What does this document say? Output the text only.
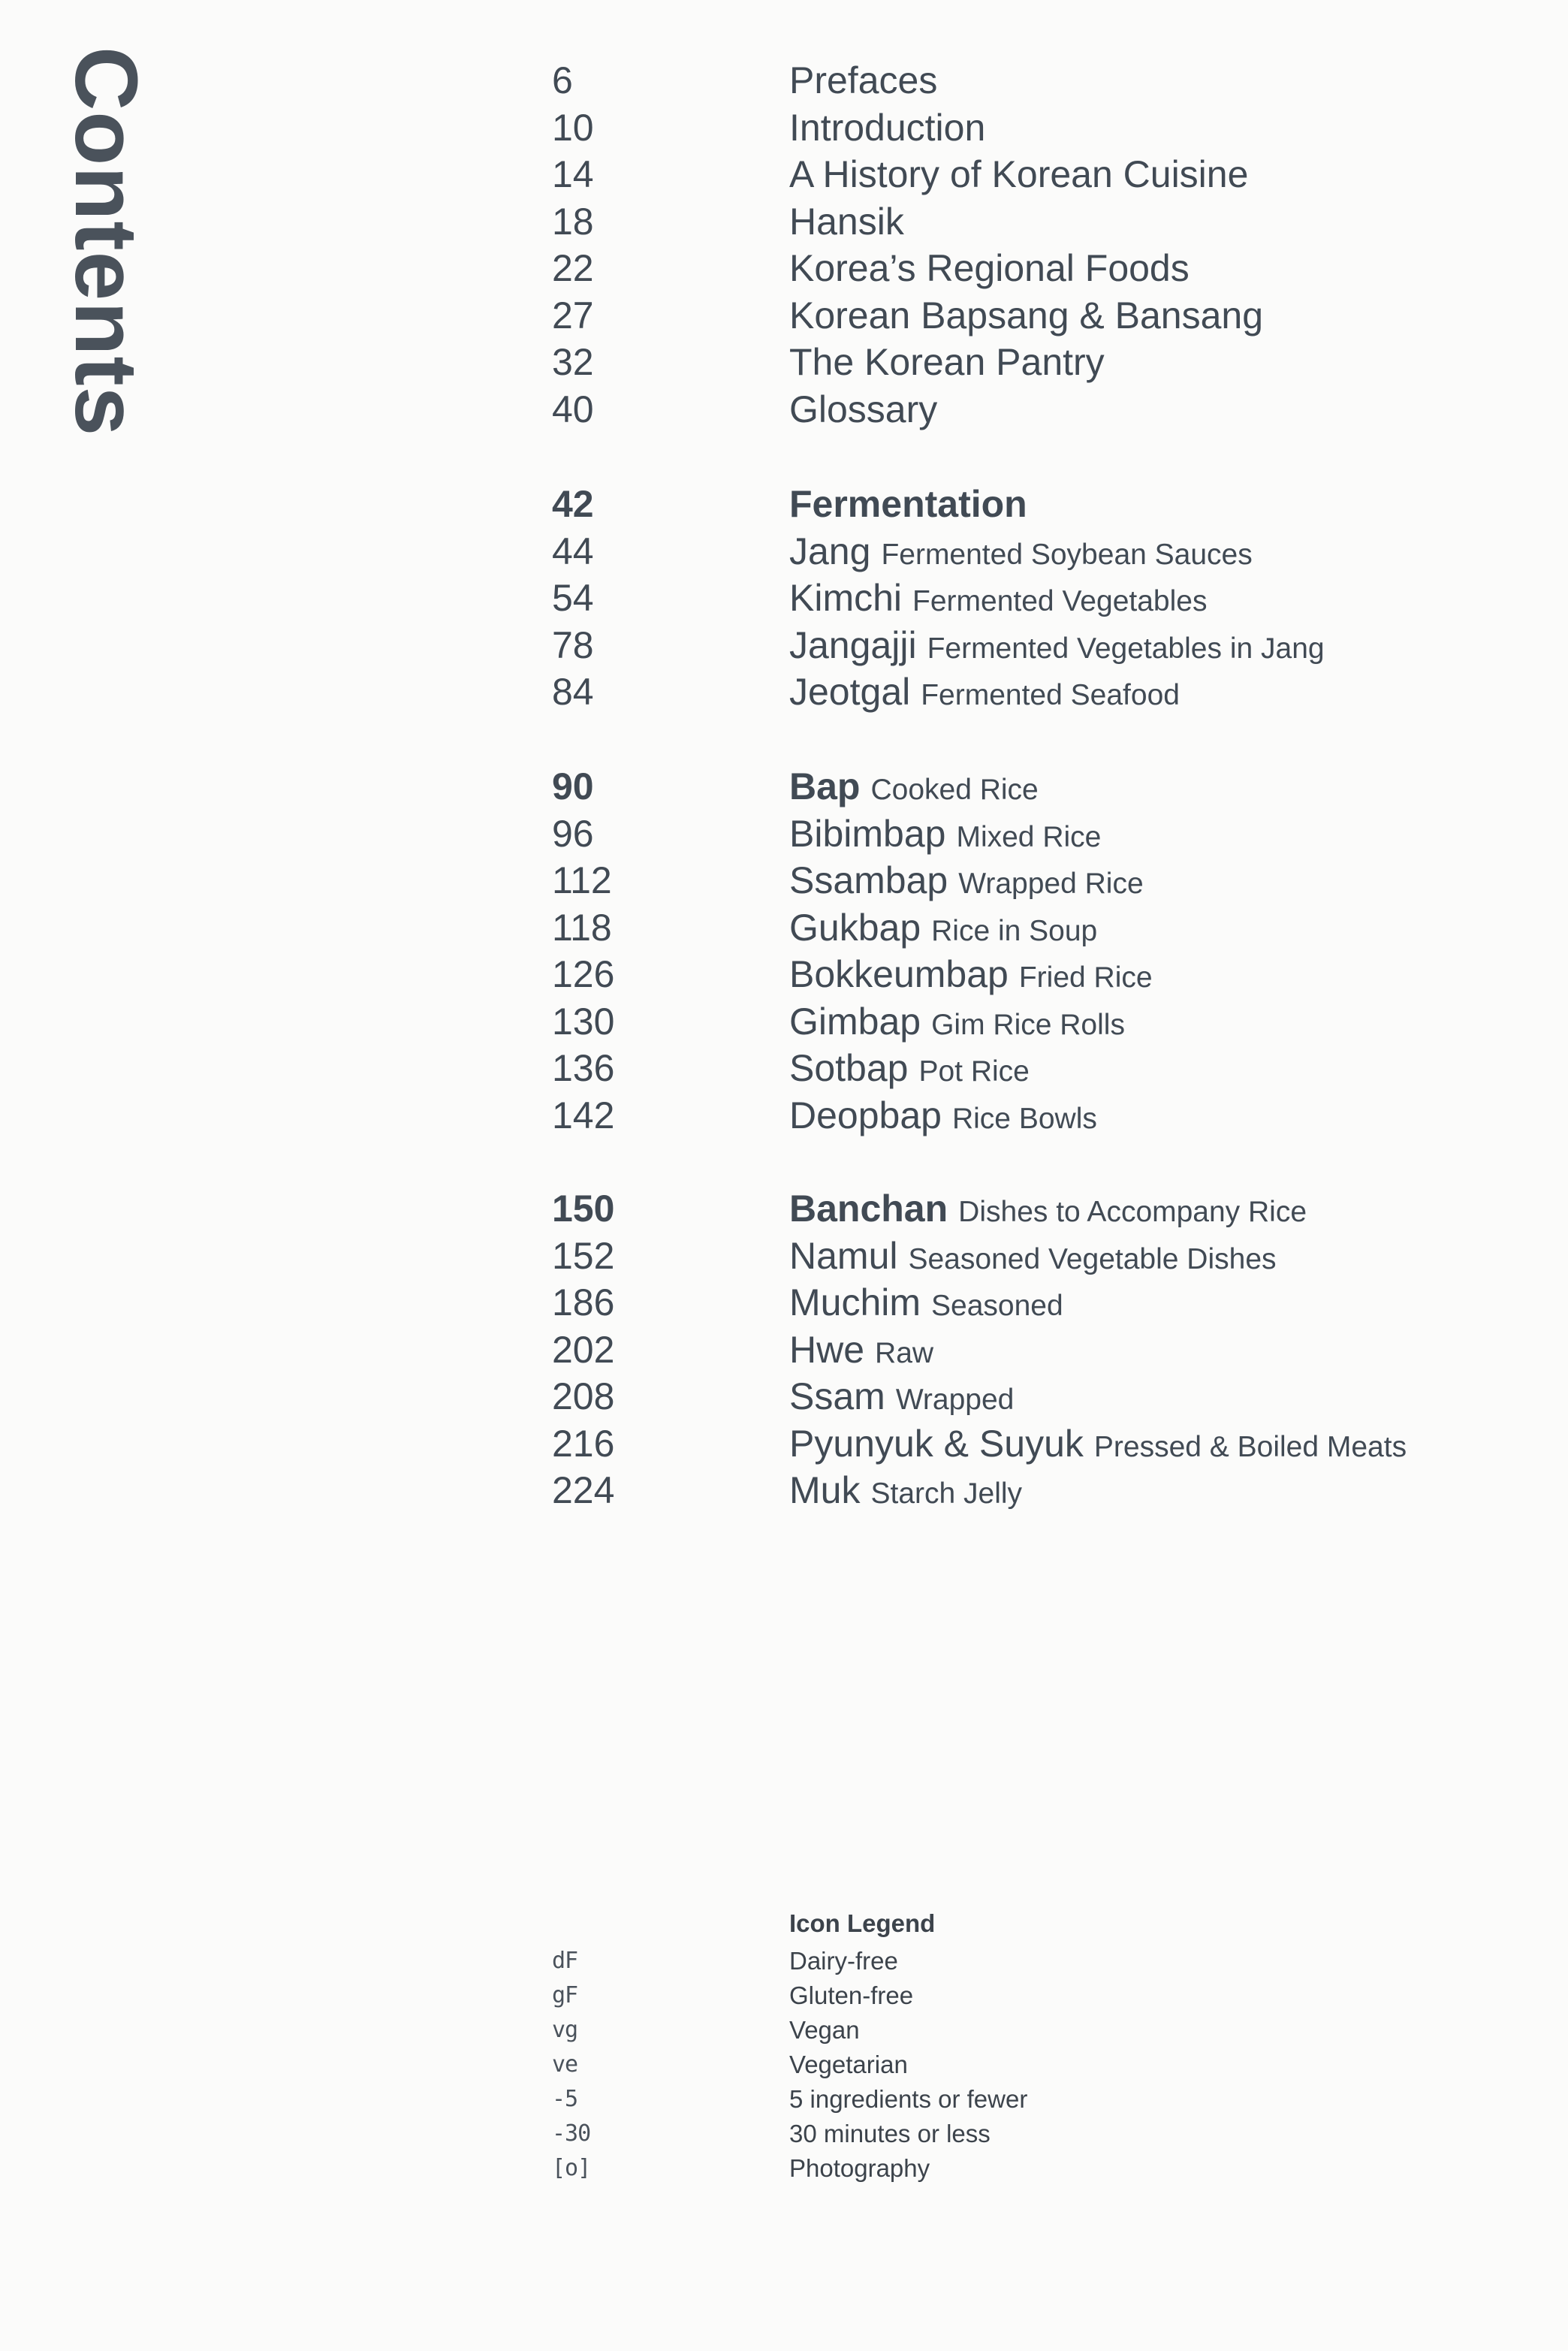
Contents	6	Prefaces
10	Introduction
14	A History of Korean Cuisine
18	Hansik
22	Korea’s Regional Foods
27	Korean Bapsang & Bansang
32	The Korean Pantry
40	Glossary
42	Fermentation
44	Jang Fermented Soybean Sauces
54	Kimchi Fermented Vegetables
78	Jangajji Fermented Vegetables in Jang
84	Jeotgal Fermented Seafood
90	Bap Cooked Rice
96	Bibimbap Mixed Rice
112	Ssambap Wrapped Rice
118	Gukbap Rice in Soup
126	Bokkeumbap Fried Rice
130	Gimbap Gim Rice Rolls
136	Sotbap Pot Rice
142	Deopbap Rice Bowls
150	Banchan Dishes to Accompany Rice
152	Namul Seasoned Vegetable Dishes
186	Muchim Seasoned
202	Hwe Raw
208	Ssam Wrapped
216	Pyunyuk & Suyuk Pressed & Boiled Meats
224	Muk Starch Jelly
Icon Legend
dF	Dairy-free
gF	Gluten-free
vg	Vegan
ve	Vegetarian
-5	5 ingredients or fewer
-30	30 minutes or less
[o]	Photography
